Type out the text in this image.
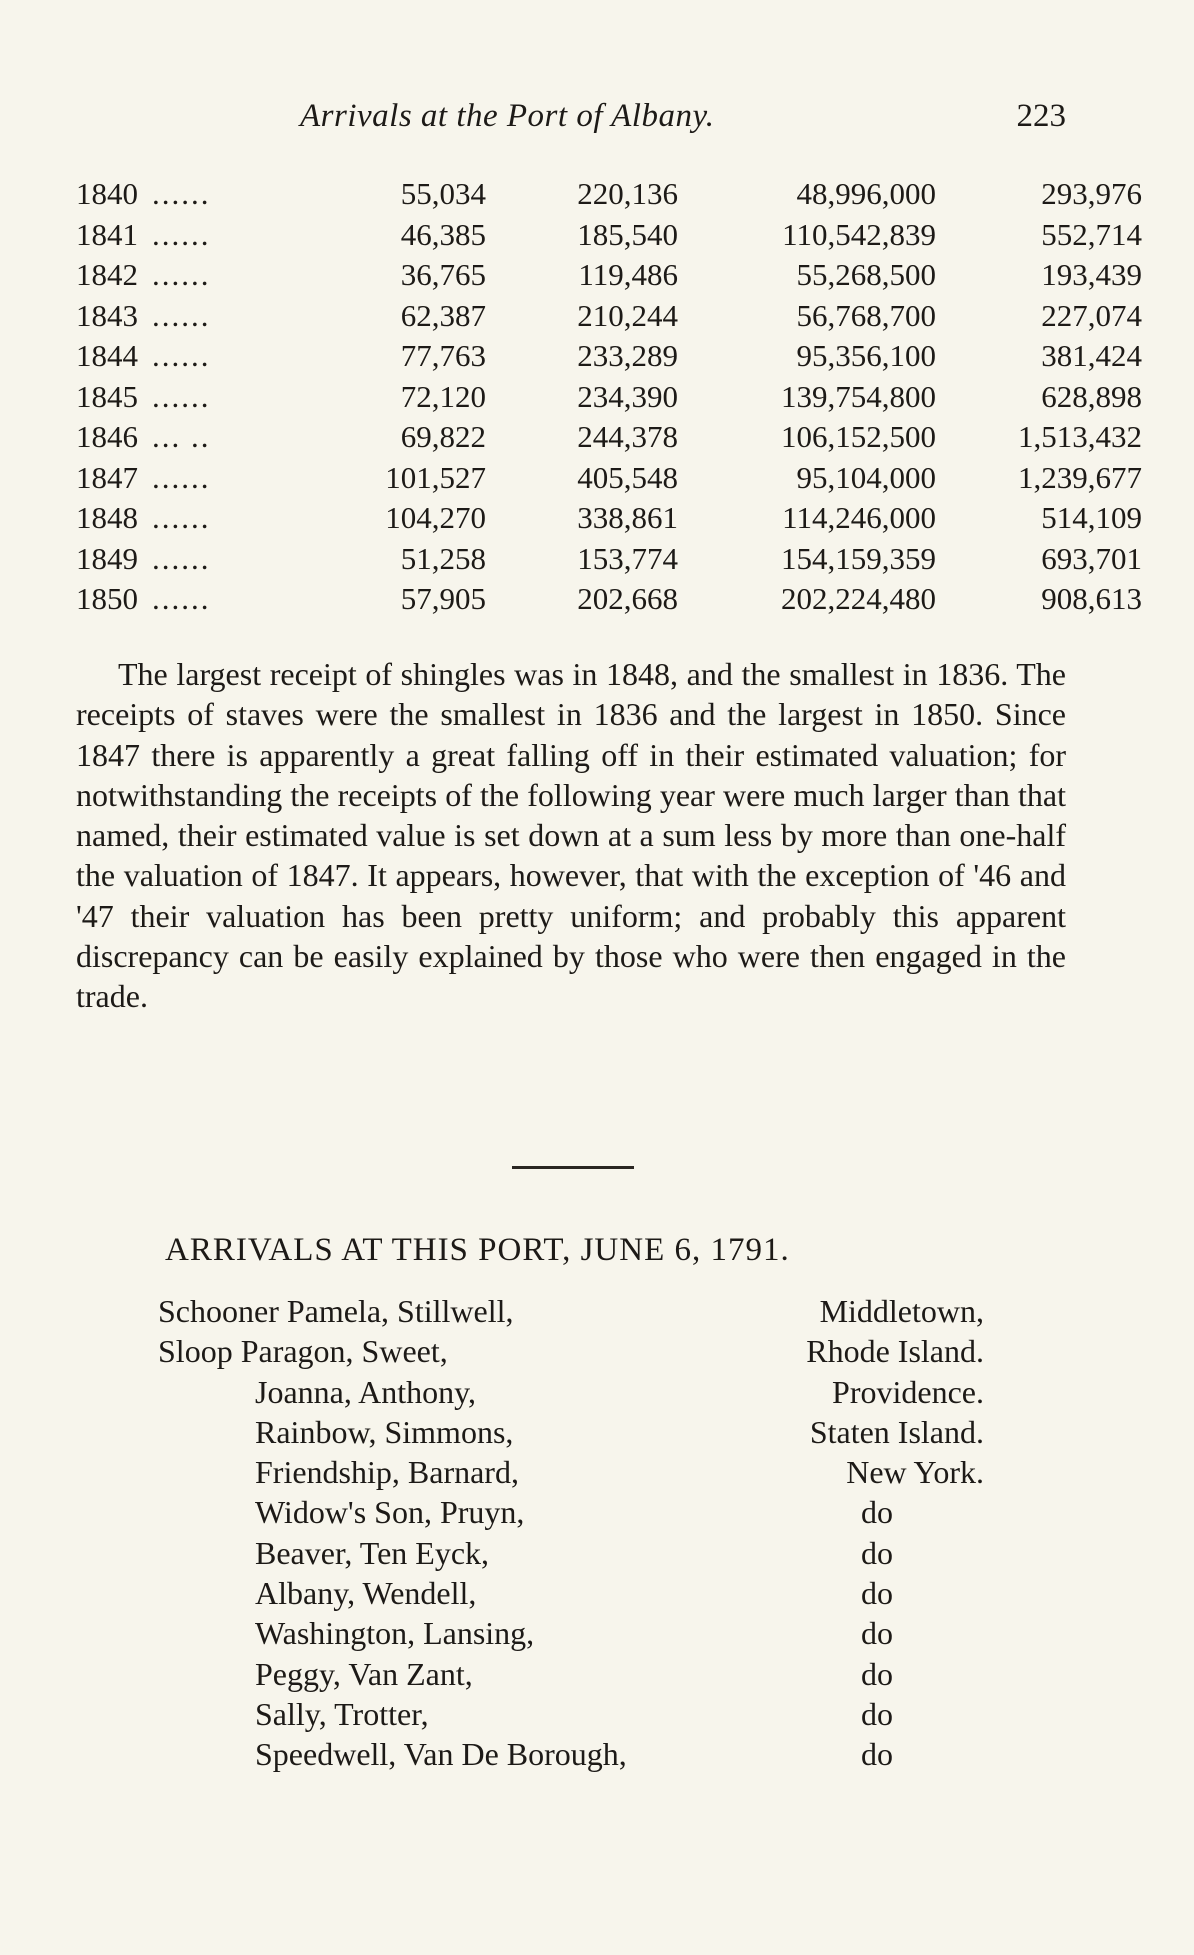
Arrivals at the Port of Albany.	223
1840 ......	55,034	220,136	48,996,000	293,976
1841 ......	46,385	185,540	110,542,839	552,714
1842 ......	36,765	119,486	55,268,500	193,439
1843 ......	62,387	210,244	56,768,700	227,074
1844 ......	77,763	233,289	95,356,100	381,424
1845 ......	72,120	234,390	139,754,800	628,898
1846 ... ..	69,822	244,378	106,152,500	1,513,432
1847 ......	101,527	405,548	95,104,000	1,239,677
1848 ......	104,270	338,861	114,246,000	514,109
1849 ......	51,258	153,774	154,159,359	693,701
1850 ......	57,905	202,668	202,224,480	908,613

The largest receipt of shingles was in 1848, and the smallest in 1836. The receipts of staves were the smallest in 1836 and the largest in 1850. Since 1847 there is apparently a great falling off in their estimated valuation; for notwithstanding the receipts of the following year were much larger than that named, their estimated value is set down at a sum less by more than one-half the valuation of 1847. It appears, however, that with the exception of '46 and '47 their valuation has been pretty uniform; and probably this apparent discrepancy can be easily explained by those who were then engaged in the trade.

ARRIVALS AT THIS PORT, JUNE 6, 1791.
Schooner Pamela, Stillwell,	Middletown,
Sloop Paragon, Sweet,	Rhode Island.
Joanna, Anthony,	Providence.
Rainbow, Simmons,	Staten Island.
Friendship, Barnard,	New York.
Widow's Son, Pruyn,	do
Beaver, Ten Eyck,	do
Albany, Wendell,	do
Washington, Lansing,	do
Peggy, Van Zant,	do
Sally, Trotter,	do
Speedwell, Van De Borough,	do
